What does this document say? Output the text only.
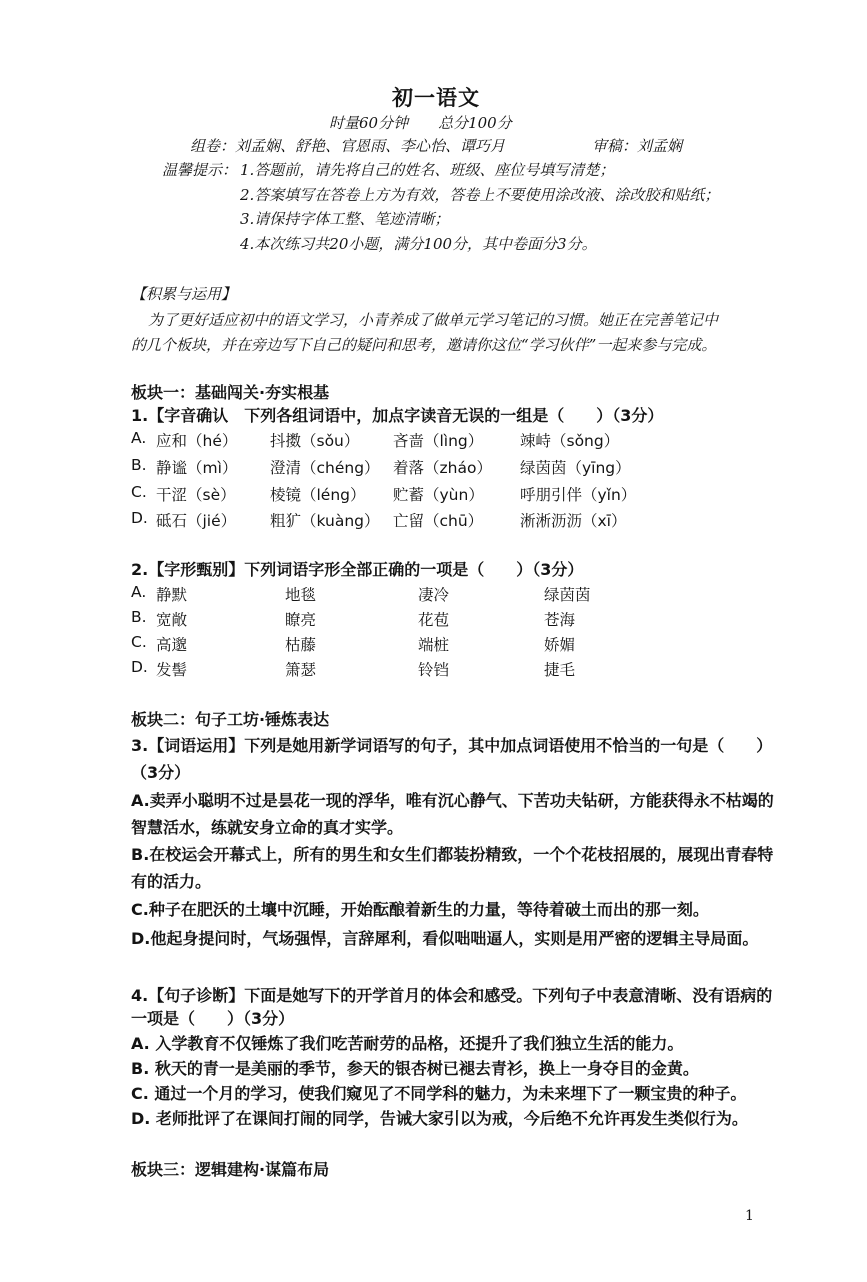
初一语文
时量60分钟　　总分100分
组卷：刘孟娴、舒艳、官恩雨、李心怡、谭巧月	审稿：刘孟娴
温馨提示： 1.答题前，请先将自己的姓名、班级、座位号填写清楚；
2.答案填写在答卷上方为有效，答卷上不要使用涂改液、涂改胶和贴纸；
3.请保持字体工整、笔迹清晰；
4.本次练习共20小题，满分100分，其中卷面分3分。
【积累与运用】
为了更好适应初中的语文学习，小青养成了做单元学习笔记的习惯。她正在完善笔记中
的几个板块，并在旁边写下自己的疑问和思考，邀请你这位“学习伙伴”一起来参与完成。
板块一：基础闯关·夯实根基
1.【字音确认　下列各组词语中，加点字读音无误的一组是（　　）（3分）
A. 应和（hé） 抖擞（sǒu） 吝啬（lìng） 竦峙（sǒng）
B. 静谧（mì） 澄清（chéng） 着落（zháo） 绿茵茵（yīng）
C. 干涩（sè） 棱镜（léng） 贮蓄（yùn） 呼朋引伴（yǐn）
D. 砥石（jié） 粗犷（kuàng） 亡留（chū） 淅淅沥沥（xī）
2.【字形甄别】下列词语字形全部正确的一项是（　　）（3分）
A. 静默	地毯	凄冷	绿茵茵
B. 宽敞	瞭亮	花苞	苍海
C. 高邈	枯藤	端桩	娇媚
D. 发髻	箫瑟	铃铛	捷毛
板块二：句子工坊·锤炼表达
3.【词语运用】下列是她用新学词语写的句子，其中加点词语使用不恰当的一句是（　　）
（3分）
A.卖弄小聪明不过是昙花一现的浮华，唯有沉心静气、下苦功夫钻研，方能获得永不枯竭的
智慧活水，练就安身立命的真才实学。
B.在校运会开幕式上，所有的男生和女生们都装扮精致，一个个花枝招展的，展现出青春特
有的活力。
C.种子在肥沃的土壤中沉睡，开始酝酿着新生的力量，等待着破土而出的那一刻。
D.他起身提问时，气场强悍，言辞犀利，看似咄咄逼人，实则是用严密的逻辑主导局面。
4.【句子诊断】下面是她写下的开学首月的体会和感受。下列句子中表意清晰、没有语病的
一项是（　　）（3分）
A. 入学教育不仅锤炼了我们吃苦耐劳的品格，还提升了我们独立生活的能力。
B. 秋天的青一是美丽的季节，参天的银杏树已褪去青衫，换上一身夺目的金黄。
C. 通过一个月的学习，使我们窥见了不同学科的魅力，为未来埋下了一颗宝贵的种子。
D. 老师批评了在课间打闹的同学，告诫大家引以为戒，今后绝不允许再发生类似行为。
板块三：逻辑建构·谋篇布局
1
